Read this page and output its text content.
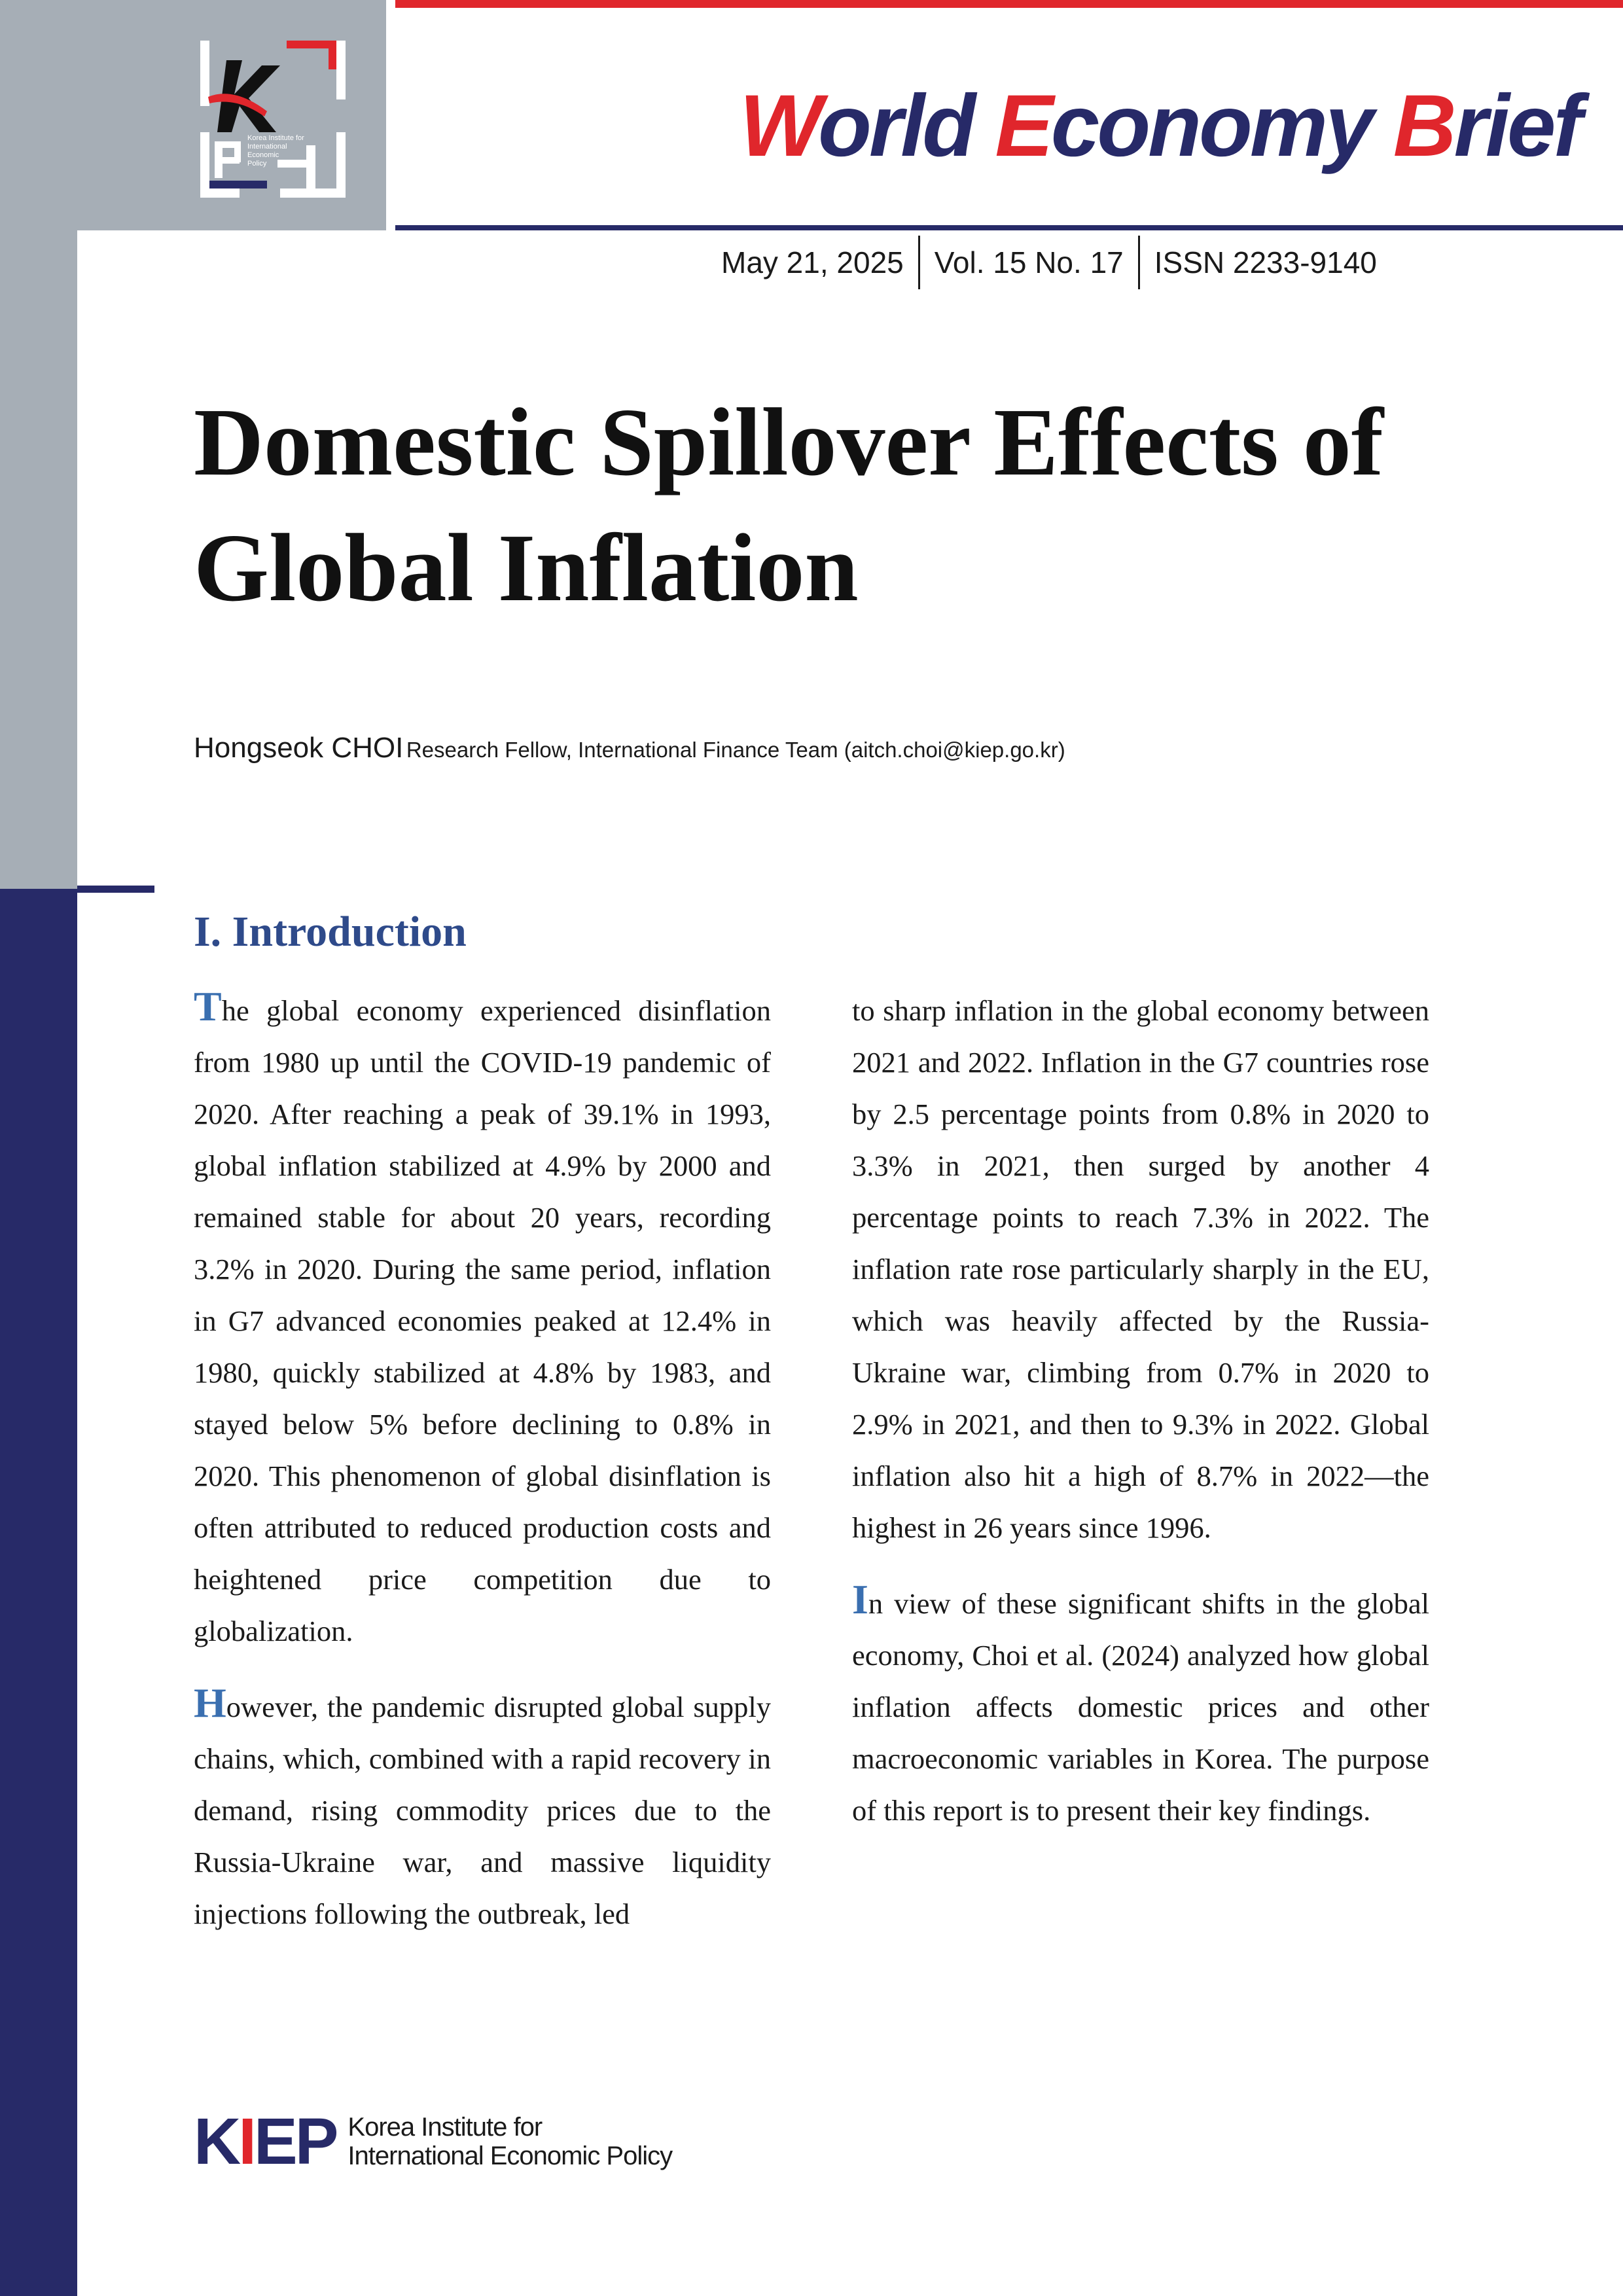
Korea Institute for
International
Economic
Policy	World Economy Brief
May 21, 2025	Vol. 15 No. 17	ISSN 2233-9140
Domestic Spillover Effects of
Global Inflation
Hongseok CHOI Research Fellow, International Finance Team (aitch.choi@kiep.go.kr)
I. Introduction

The global economy experienced disinflation from 1980 up until the COVID-19 pandemic of 2020. After reaching a peak of 39.1% in 1993, global inflation stabilized at 4.9% by 2000 and remained stable for about 20 years, recording 3.2% in 2020. During the same period, inflation in G7 advanced economies peaked at 12.4% in 1980, quickly stabilized at 4.8% by 1983, and stayed below 5% before declining to 0.8% in 2020. This phenomenon of global disinflation is often attributed to reduced production costs and heightened price competition due to globalization.

However, the pandemic disrupted global supply chains, which, combined with a rapid recovery in demand, rising commodity prices due to the Russia-Ukraine war, and massive liquidity injections following the outbreak, led

to sharp inflation in the global economy between 2021 and 2022. Inflation in the G7 countries rose by 2.5 percentage points from 0.8% in 2020 to 3.3% in 2021, then surged by another 4 percentage points to reach 7.3% in 2022. The inflation rate rose particularly sharply in the EU, which was heavily affected by the Russia-Ukraine war, climbing from 0.7% in 2020 to 2.9% in 2021, and then to 9.3% in 2022. Global inflation also hit a high of 8.7% in 2022—the highest in 26 years since 1996.

In view of these significant shifts in the global economy, Choi et al. (2024) analyzed how global inflation affects domestic prices and other macroeconomic variables in Korea. The purpose of this report is to present their key findings.

K I E P Korea Institute for
International Economic Policy
